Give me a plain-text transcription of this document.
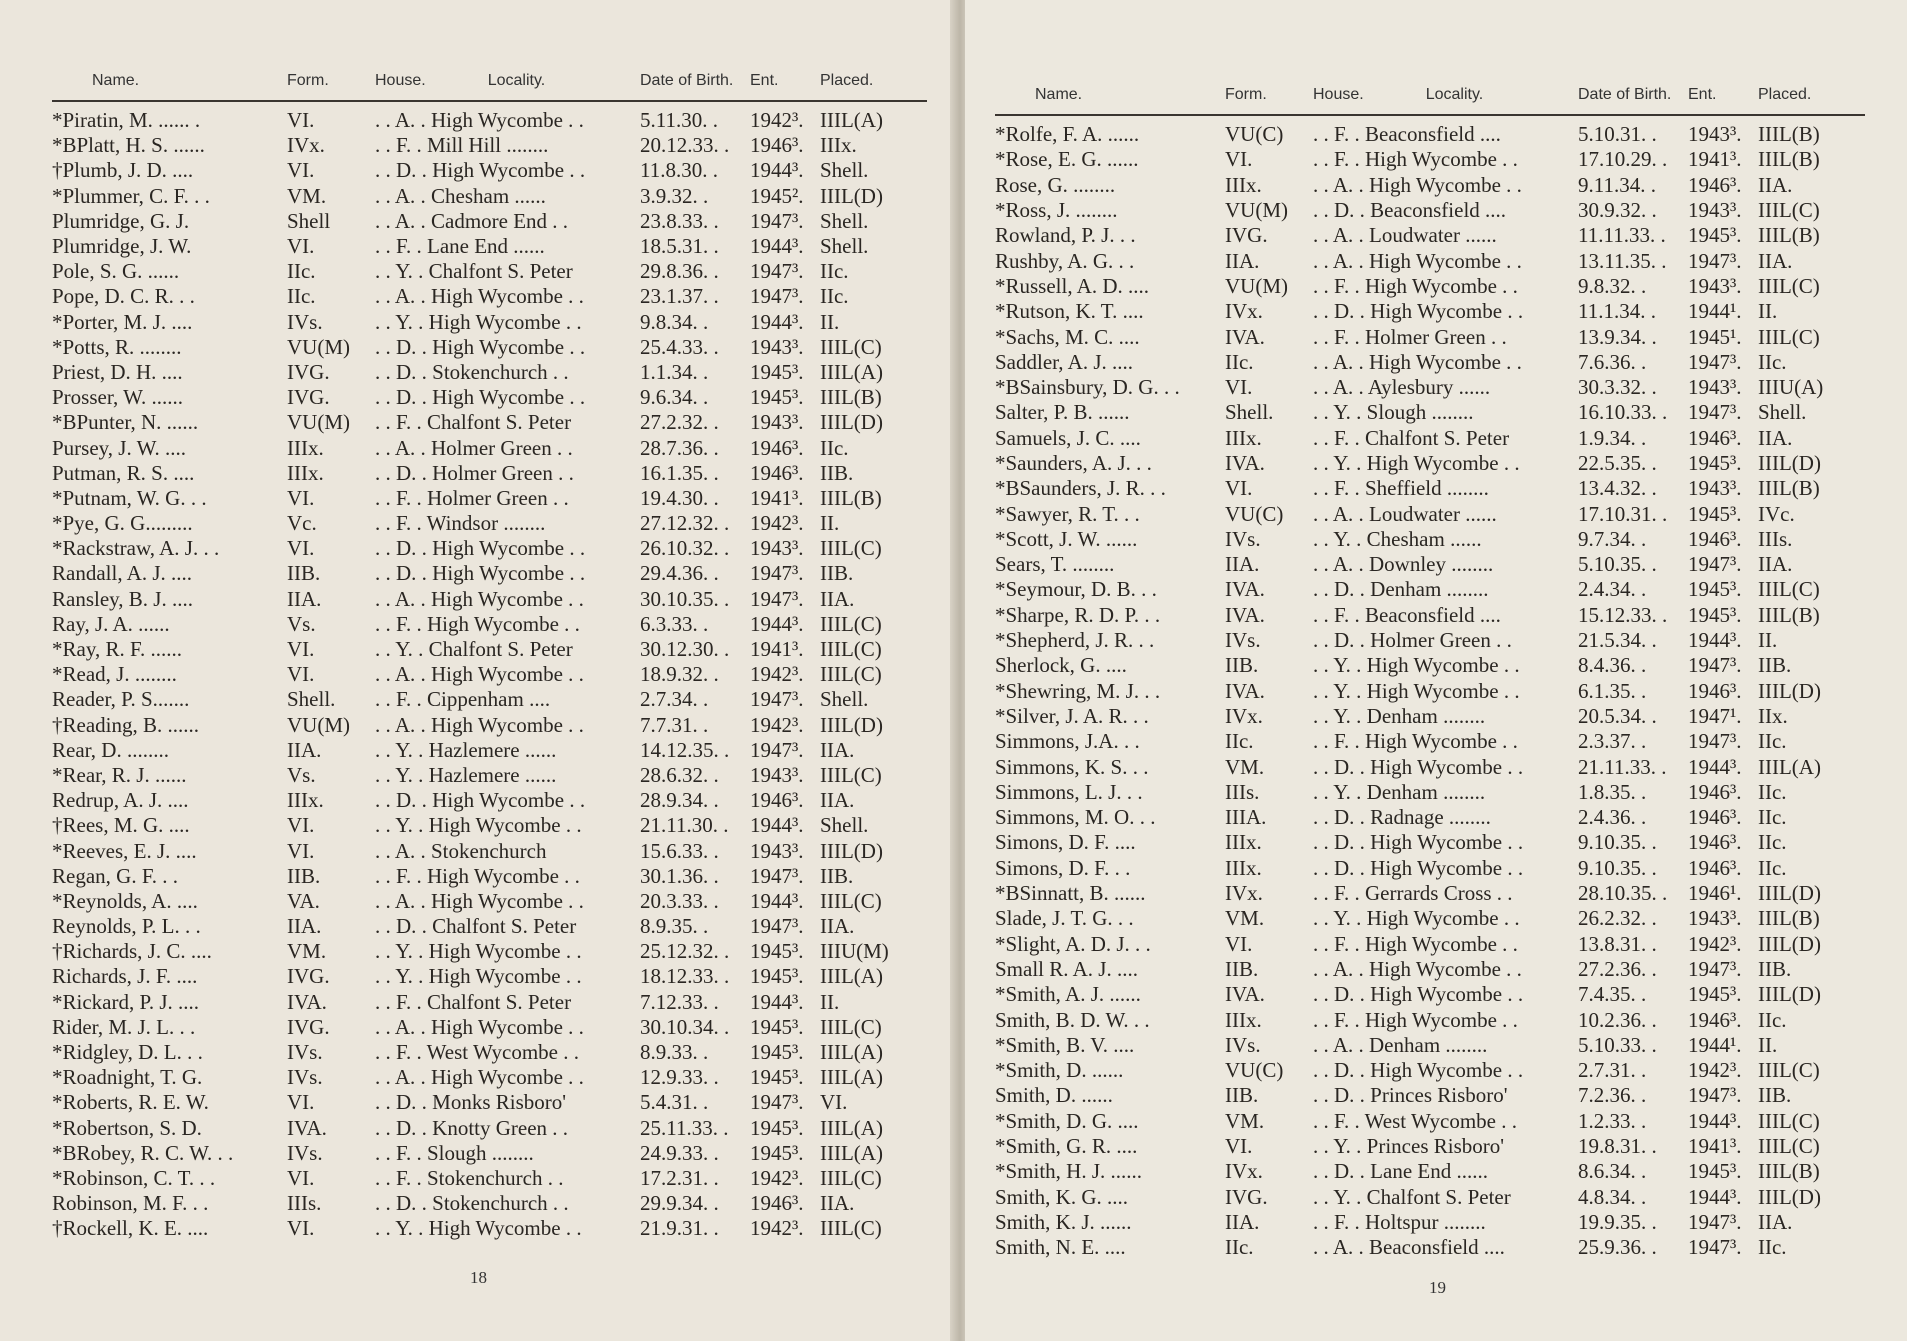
Name.	Form.	House. Locality.	Date of Birth.	Ent.	Placed.
*Piratin, M. ...... .	VI.	. . A. . High Wycombe . .	5.11.30. .	1942³.	IIIL(A)
*BPlatt, H. S. ......	IVx.	. . F. . Mill Hill ........	20.12.33. .	1946³.	IIIx.
†Plumb, J. D. ....	VI.	. . D. . High Wycombe . .	11.8.30. .	1944³.	Shell.
*Plummer, C. F. . .	VM.	. . A. . Chesham ......	3.9.32. .	1945².	IIIL(D)
Plumridge, G. J.	Shell	. . A. . Cadmore End . .	23.8.33. .	1947³.	Shell.
Plumridge, J. W.	VI.	. . F. . Lane End ......	18.5.31. .	1944³.	Shell.
Pole, S. G. ......	IIc.	. . Y. . Chalfont S. Peter	29.8.36. .	1947³.	IIc.
Pope, D. C. R. . .	IIc.	. . A. . High Wycombe . .	23.1.37. .	1947³.	IIc.
*Porter, M. J. ....	IVs.	. . Y. . High Wycombe . .	9.8.34. .	1944³.	II.
*Potts, R. ........	VU(M)	. . D. . High Wycombe . .	25.4.33. .	1943³.	IIIL(C)
Priest, D. H. ....	IVG.	. . D. . Stokenchurch . .	1.1.34. .	1945³.	IIIL(A)
Prosser, W. ......	IVG.	. . D. . High Wycombe . .	9.6.34. .	1945³.	IIIL(B)
*BPunter, N. ......	VU(M)	. . F. . Chalfont S. Peter	27.2.32. .	1943³.	IIIL(D)
Pursey, J. W. ....	IIIx.	. . A. . Holmer Green . .	28.7.36. .	1946³.	IIc.
Putman, R. S. ....	IIIx.	. . D. . Holmer Green . .	16.1.35. .	1946³.	IIB.
*Putnam, W. G. . .	VI.	. . F. . Holmer Green . .	19.4.30. .	1941³.	IIIL(B)
*Pye, G. G.........	Vc.	. . F. . Windsor ........	27.12.32. .	1942³.	II.
*Rackstraw, A. J. . .	VI.	. . D. . High Wycombe . .	26.10.32. .	1943³.	IIIL(C)
Randall, A. J. ....	IIB.	. . D. . High Wycombe . .	29.4.36. .	1947³.	IIB.
Ransley, B. J. ....	IIA.	. . A. . High Wycombe . .	30.10.35. .	1947³.	IIA.
Ray, J. A. ......	Vs.	. . F. . High Wycombe . .	6.3.33. .	1944³.	IIIL(C)
*Ray, R. F. ......	VI.	. . Y. . Chalfont S. Peter	30.12.30. .	1941³.	IIIL(C)
*Read, J. ........	VI.	. . A. . High Wycombe . .	18.9.32. .	1942³.	IIIL(C)
Reader, P. S.......	Shell.	. . F. . Cippenham ....	2.7.34. .	1947³.	Shell.
†Reading, B. ......	VU(M)	. . A. . High Wycombe . .	7.7.31. .	1942³.	IIIL(D)
Rear, D. ........	IIA.	. . Y. . Hazlemere ......	14.12.35. .	1947³.	IIA.
*Rear, R. J. ......	Vs.	. . Y. . Hazlemere ......	28.6.32. .	1943³.	IIIL(C)
Redrup, A. J. ....	IIIx.	. . D. . High Wycombe . .	28.9.34. .	1946³.	IIA.
†Rees, M. G. ....	VI.	. . Y. . High Wycombe . .	21.11.30. .	1944³.	Shell.
*Reeves, E. J. ....	VI.	. . A. . Stokenchurch	15.6.33. .	1943³.	IIIL(D)
Regan, G. F. . .	IIB.	. . F. . High Wycombe . .	30.1.36. .	1947³.	IIB.
*Reynolds, A. ....	VA.	. . A. . High Wycombe . .	20.3.33. .	1944³.	IIIL(C)
Reynolds, P. L. . .	IIA.	. . D. . Chalfont S. Peter	8.9.35. .	1947³.	IIA.
†Richards, J. C. ....	VM.	. . Y. . High Wycombe . .	25.12.32. .	1945³.	IIIU(M)
Richards, J. F. ....	IVG.	. . Y. . High Wycombe . .	18.12.33. .	1945³.	IIIL(A)
*Rickard, P. J. ....	IVA.	. . F. . Chalfont S. Peter	7.12.33. .	1944³.	II.
Rider, M. J. L. . .	IVG.	. . A. . High Wycombe . .	30.10.34. .	1945³.	IIIL(C)
*Ridgley, D. L. . .	IVs.	. . F. . West Wycombe . .	8.9.33. .	1945³.	IIIL(A)
*Roadnight, T. G.	IVs.	. . A. . High Wycombe . .	12.9.33. .	1945³.	IIIL(A)
*Roberts, R. E. W.	VI.	. . D. . Monks Risboro'	5.4.31. .	1947³.	VI.
*Robertson, S. D.	IVA.	. . D. . Knotty Green . .	25.11.33. .	1945³.	IIIL(A)
*BRobey, R. C. W. . .	IVs.	. . F. . Slough ........	24.9.33. .	1945³.	IIIL(A)
*Robinson, C. T. . .	VI.	. . F. . Stokenchurch . .	17.2.31. .	1942³.	IIIL(C)
Robinson, M. F. . .	IIIs.	. . D. . Stokenchurch . .	29.9.34. .	1946³.	IIA.
†Rockell, K. E. ....	VI.	. . Y. . High Wycombe . .	21.9.31. .	1942³.	IIIL(C)
18
Name.	Form.	House. Locality.	Date of Birth.	Ent.	Placed.
*Rolfe, F. A. ......	VU(C)	. . F. . Beaconsfield ....	5.10.31. .	1943³.	IIIL(B)
*Rose, E. G. ......	VI.	. . F. . High Wycombe . .	17.10.29. .	1941³.	IIIL(B)
Rose, G. ........	IIIx.	. . A. . High Wycombe . .	9.11.34. .	1946³.	IIA.
*Ross, J. ........	VU(M)	. . D. . Beaconsfield ....	30.9.32. .	1943³.	IIIL(C)
Rowland, P. J. . .	IVG.	. . A. . Loudwater ......	11.11.33. .	1945³.	IIIL(B)
Rushby, A. G. . .	IIA.	. . A. . High Wycombe . .	13.11.35. .	1947³.	IIA.
*Russell, A. D. ....	VU(M)	. . F. . High Wycombe . .	9.8.32. .	1943³.	IIIL(C)
*Rutson, K. T. ....	IVx.	. . D. . High Wycombe . .	11.1.34. .	1944¹.	II.
*Sachs, M. C. ....	IVA.	. . F. . Holmer Green . .	13.9.34. .	1945¹.	IIIL(C)
Saddler, A. J. ....	IIc.	. . A. . High Wycombe . .	7.6.36. .	1947³.	IIc.
*BSainsbury, D. G. . .	VI.	. . A. . Aylesbury ......	30.3.32. .	1943³.	IIIU(A)
Salter, P. B. ......	Shell.	. . Y. . Slough ........	16.10.33. .	1947³.	Shell.
Samuels, J. C. ....	IIIx.	. . F. . Chalfont S. Peter	1.9.34. .	1946³.	IIA.
*Saunders, A. J. . .	IVA.	. . Y. . High Wycombe . .	22.5.35. .	1945³.	IIIL(D)
*BSaunders, J. R. . .	VI.	. . F. . Sheffield ........	13.4.32. .	1943³.	IIIL(B)
*Sawyer, R. T. . .	VU(C)	. . A. . Loudwater ......	17.10.31. .	1945³.	IVc.
*Scott, J. W. ......	IVs.	. . Y. . Chesham ......	9.7.34. .	1946³.	IIIs.
Sears, T. ........	IIA.	. . A. . Downley ........	5.10.35. .	1947³.	IIA.
*Seymour, D. B. . .	IVA.	. . D. . Denham ........	2.4.34. .	1945³.	IIIL(C)
*Sharpe, R. D. P. . .	IVA.	. . F. . Beaconsfield ....	15.12.33. .	1945³.	IIIL(B)
*Shepherd, J. R. . .	IVs.	. . D. . Holmer Green . .	21.5.34. .	1944³.	II.
Sherlock, G. ....	IIB.	. . Y. . High Wycombe . .	8.4.36. .	1947³.	IIB.
*Shewring, M. J. . .	IVA.	. . Y. . High Wycombe . .	6.1.35. .	1946³.	IIIL(D)
*Silver, J. A. R. . .	IVx.	. . Y. . Denham ........	20.5.34. .	1947¹.	IIx.
Simmons, J.A. . .	IIc.	. . F. . High Wycombe . .	2.3.37. .	1947³.	IIc.
Simmons, K. S. . .	VM.	. . D. . High Wycombe . .	21.11.33. .	1944³.	IIIL(A)
Simmons, L. J. . .	IIIs.	. . Y. . Denham ........	1.8.35. .	1946³.	IIc.
Simmons, M. O. . .	IIIA.	. . D. . Radnage ........	2.4.36. .	1946³.	IIc.
Simons, D. F. ....	IIIx.	. . D. . High Wycombe . .	9.10.35. .	1946³.	IIc.
Simons, D. F. . .	IIIx.	. . D. . High Wycombe . .	9.10.35. .	1946³.	IIc.
*BSinnatt, B. ......	IVx.	. . F. . Gerrards Cross . .	28.10.35. .	1946¹.	IIIL(D)
Slade, J. T. G. . .	VM.	. . Y. . High Wycombe . .	26.2.32. .	1943³.	IIIL(B)
*Slight, A. D. J. . .	VI.	. . F. . High Wycombe . .	13.8.31. .	1942³.	IIIL(D)
Small R. A. J. ....	IIB.	. . A. . High Wycombe . .	27.2.36. .	1947³.	IIB.
*Smith, A. J. ......	IVA.	. . D. . High Wycombe . .	7.4.35. .	1945³.	IIIL(D)
Smith, B. D. W. . .	IIIx.	. . F. . High Wycombe . .	10.2.36. .	1946³.	IIc.
*Smith, B. V. ....	IVs.	. . A. . Denham ........	5.10.33. .	1944¹.	II.
*Smith, D. ......	VU(C)	. . D. . High Wycombe . .	2.7.31. .	1942³.	IIIL(C)
Smith, D. ......	IIB.	. . D. . Princes Risboro'	7.2.36. .	1947³.	IIB.
*Smith, D. G. ....	VM.	. . F. . West Wycombe . .	1.2.33. .	1944³.	IIIL(C)
*Smith, G. R. ....	VI.	. . Y. . Princes Risboro'	19.8.31. .	1941³.	IIIL(C)
*Smith, H. J. ......	IVx.	. . D. . Lane End ......	8.6.34. .	1945³.	IIIL(B)
Smith, K. G. ....	IVG.	. . Y. . Chalfont S. Peter	4.8.34. .	1944³.	IIIL(D)
Smith, K. J. ......	IIA.	. . F. . Holtspur ........	19.9.35. .	1947³.	IIA.
Smith, N. E. ....	IIc.	. . A. . Beaconsfield ....	25.9.36. .	1947³.	IIc.
19
